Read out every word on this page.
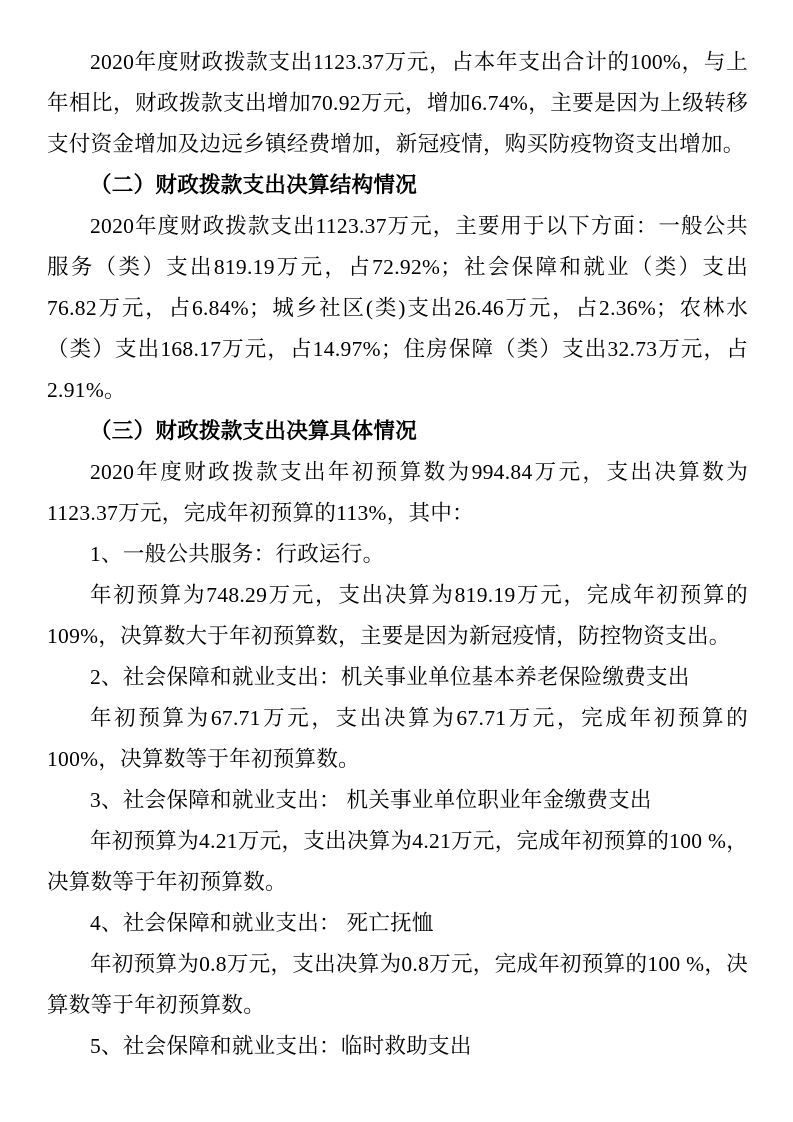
2020年度财政拨款支出1123.37万元，占本年支出合计的100%，与上年相比，财政拨款支出增加70.92万元，增加6.74%，主要是因为上级转移支付资金增加及边远乡镇经费增加，新冠疫情，购买防疫物资支出增加。

（二）财政拨款支出决算结构情况

2020年度财政拨款支出1123.37万元，主要用于以下方面：一般公共服务（类）支出819.19万元，占72.92%；社会保障和就业（类）支出76.82万元，占6.84%；城乡社区(类)支出26.46万元，占2.36%；农林水（类）支出168.17万元，占14.97%；住房保障（类）支出32.73万元，占2.91%。

（三）财政拨款支出决算具体情况

2020年度财政拨款支出年初预算数为994.84万元，支出决算数为1123.37万元，完成年初预算的113%，其中：

1、一般公共服务：行政运行。

年初预算为748.29万元，支出决算为819.19万元，完成年初预算的109%，决算数大于年初预算数，主要是因为新冠疫情，防控物资支出。

2、社会保障和就业支出：机关事业单位基本养老保险缴费支出

年初预算为67.71万元，支出决算为67.71万元，完成年初预算的100%，决算数等于年初预算数。

3、社会保障和就业支出： 机关事业单位职业年金缴费支出

年初预算为4.21万元，支出决算为4.21万元，完成年初预算的100 %，决算数等于年初预算数。

4、社会保障和就业支出： 死亡抚恤

年初预算为0.8万元，支出决算为0.8万元，完成年初预算的100 %，决算数等于年初预算数。

5、社会保障和就业支出：临时救助支出
